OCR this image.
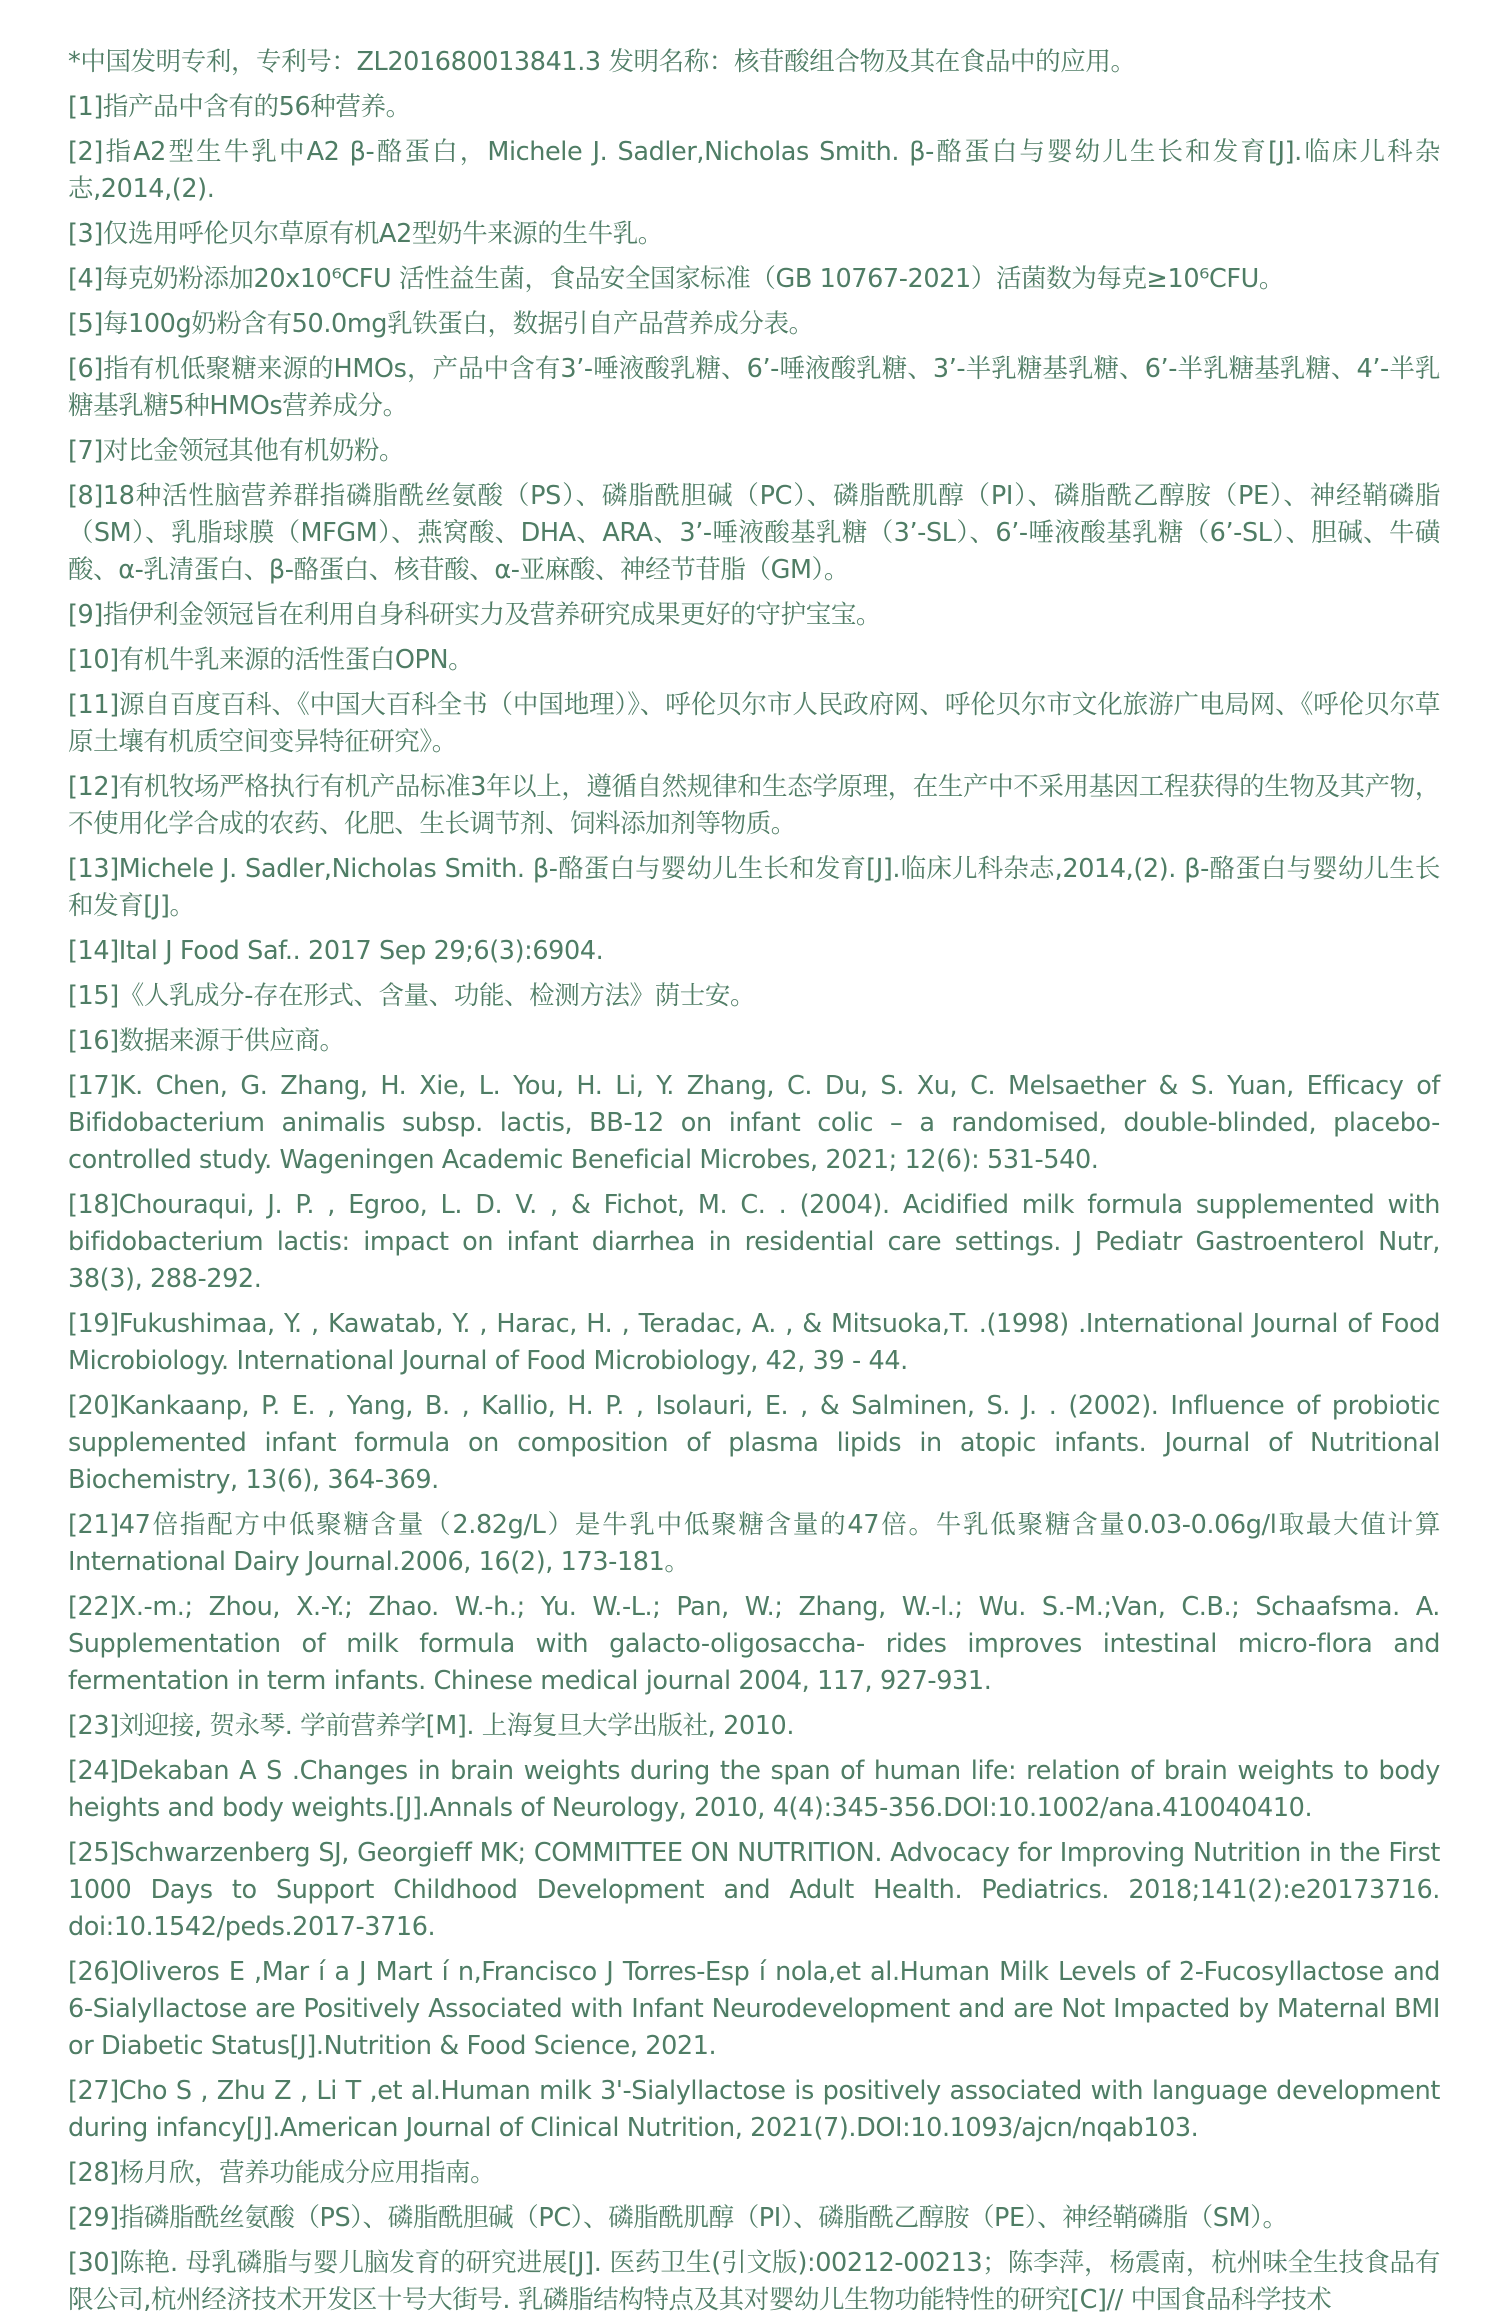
*中国发明专利，专利号：ZL201680013841.3 发明名称：核苷酸组合物及其在食品中的应用。

[1]指产品中含有的56种营养。

[2]指A2型生牛乳中A2 β-酪蛋白，Michele J. Sadler,Nicholas Smith. β-酪蛋白与婴幼儿生长和发育[J].临床儿科杂志,2014,(2).

[3]仅选用呼伦贝尔草原有机A2型奶牛来源的生牛乳。

[4]每克奶粉添加20x10⁶CFU 活性益生菌，食品安全国家标准（GB 10767-2021）活菌数为每克≥10⁶CFU。

[5]每100g奶粉含有50.0mg乳铁蛋白，数据引自产品营养成分表。

[6]指有机低聚糖来源的HMOs，产品中含有3’-唾液酸乳糖、6’-唾液酸乳糖、3’-半乳糖基乳糖、6’-半乳糖基乳糖、4’-半乳糖基乳糖5种HMOs营养成分。

[7]对比金领冠其他有机奶粉。

[8]18种活性脑营养群指磷脂酰丝氨酸（PS）、磷脂酰胆碱（PC）、磷脂酰肌醇（PI）、磷脂酰乙醇胺（PE）、神经鞘磷脂（SM）、乳脂球膜（MFGM）、燕窝酸、DHA、ARA、3’-唾液酸基乳糖（3’-SL）、6’-唾液酸基乳糖（6’-SL）、胆碱、牛磺酸、α-乳清蛋白、β-酪蛋白、核苷酸、α-亚麻酸、神经节苷脂（GM）。

[9]指伊利金领冠旨在利用自身科研实力及营养研究成果更好的守护宝宝。

[10]有机牛乳来源的活性蛋白OPN。

[11]源自百度百科、《中国大百科全书（中国地理）》、呼伦贝尔市人民政府网、呼伦贝尔市文化旅游广电局网、《呼伦贝尔草原土壤有机质空间变异特征研究》。

[12]有机牧场严格执行有机产品标准3年以上，遵循自然规律和生态学原理，在生产中不采用基因工程获得的生物及其产物，不使用化学合成的农药、化肥、生长调节剂、饲料添加剂等物质。

[13]Michele J. Sadler,Nicholas Smith. β-酪蛋白与婴幼儿生长和发育[J].临床儿科杂志,2014,(2). β-酪蛋白与婴幼儿生长和发育[J]。

[14]Ital J Food Saf.. 2017 Sep 29;6(3):6904.

[15]《人乳成分-存在形式、含量、功能、检测方法》荫士安。

[16]数据来源于供应商。

[17]K. Chen, G. Zhang, H. Xie, L. You, H. Li, Y. Zhang, C. Du, S. Xu, C. Melsaether & S. Yuan, Efficacy of Bifidobacterium animalis subsp. lactis, BB-12 on infant colic – a randomised, double-blinded, placebo-controlled study. Wageningen Academic Beneficial Microbes, 2021; 12(6): 531-540.

[18]Chouraqui, J. P. , Egroo, L. D. V. , & Fichot, M. C. . (2004). Acidified milk formula supplemented with bifidobacterium lactis: impact on infant diarrhea in residential care settings. J Pediatr Gastroenterol Nutr, 38(3), 288-292.

[19]Fukushimaa, Y. , Kawatab, Y. , Harac, H. , Teradac, A. , & Mitsuoka,T. .(1998) .International Journal of Food Microbiology. International Journal of Food Microbiology, 42, 39 - 44.

[20]Kankaanp, P. E. , Yang, B. , Kallio, H. P. , Isolauri, E. , & Salminen, S. J. . (2002). Influence of probiotic supplemented infant formula on composition of plasma lipids in atopic infants. Journal of Nutritional Biochemistry, 13(6), 364-369.

[21]47倍指配方中低聚糖含量（2.82g/L）是牛乳中低聚糖含量的47倍。牛乳低聚糖含量0.03-0.06g/l取最大值计算International Dairy Journal.2006, 16(2), 173-181。

[22]X.-m.; Zhou, X.-Y.; Zhao. W.-h.; Yu. W.-L.; Pan, W.; Zhang, W.-l.; Wu. S.-M.;Van, C.B.; Schaafsma. A. Supplementation of milk formula with galacto-oligosaccha- rides improves intestinal micro-flora and fermentation in term infants. Chinese medical journal 2004, 117, 927-931.

[23]刘迎接, 贺永琴. 学前营养学[M]. 上海复旦大学出版社, 2010.

[24]Dekaban A S .Changes in brain weights during the span of human life: relation of brain weights to body heights and body weights.[J].Annals of Neurology, 2010, 4(4):345-356.DOI:10.1002/ana.410040410.

[25]Schwarzenberg SJ, Georgieff MK; COMMITTEE ON NUTRITION. Advocacy for Improving Nutrition in the First 1000 Days to Support Childhood Development and Adult Health. Pediatrics. 2018;141(2):e20173716. doi:10.1542/peds.2017-3716.

[26]Oliveros E ,Mar í a J Mart í n,Francisco J Torres-Esp í nola,et al.Human Milk Levels of 2-Fucosyllactose and 6-Sialyllactose are Positively Associated with Infant Neurodevelopment and are Not Impacted by Maternal BMI or Diabetic Status[J].Nutrition & Food Science, 2021.

[27]Cho S , Zhu Z , Li T ,et al.Human milk 3'-Sialyllactose is positively associated with language development during infancy[J].American Journal of Clinical Nutrition, 2021(7).DOI:10.1093/ajcn/nqab103.

[28]杨月欣，营养功能成分应用指南。

[29]指磷脂酰丝氨酸（PS）、磷脂酰胆碱（PC）、磷脂酰肌醇（PI）、磷脂酰乙醇胺（PE）、神经鞘磷脂（SM）。

[30]陈艳. 母乳磷脂与婴儿脑发育的研究进展[J]. 医药卫生(引文版):00212-00213；陈李萍，杨震南，杭州味全生技食品有限公司,杭州经济技术开发区十号大街号. 乳磷脂结构特点及其对婴幼儿生物功能特性的研究[C]// 中国食品科学技术
